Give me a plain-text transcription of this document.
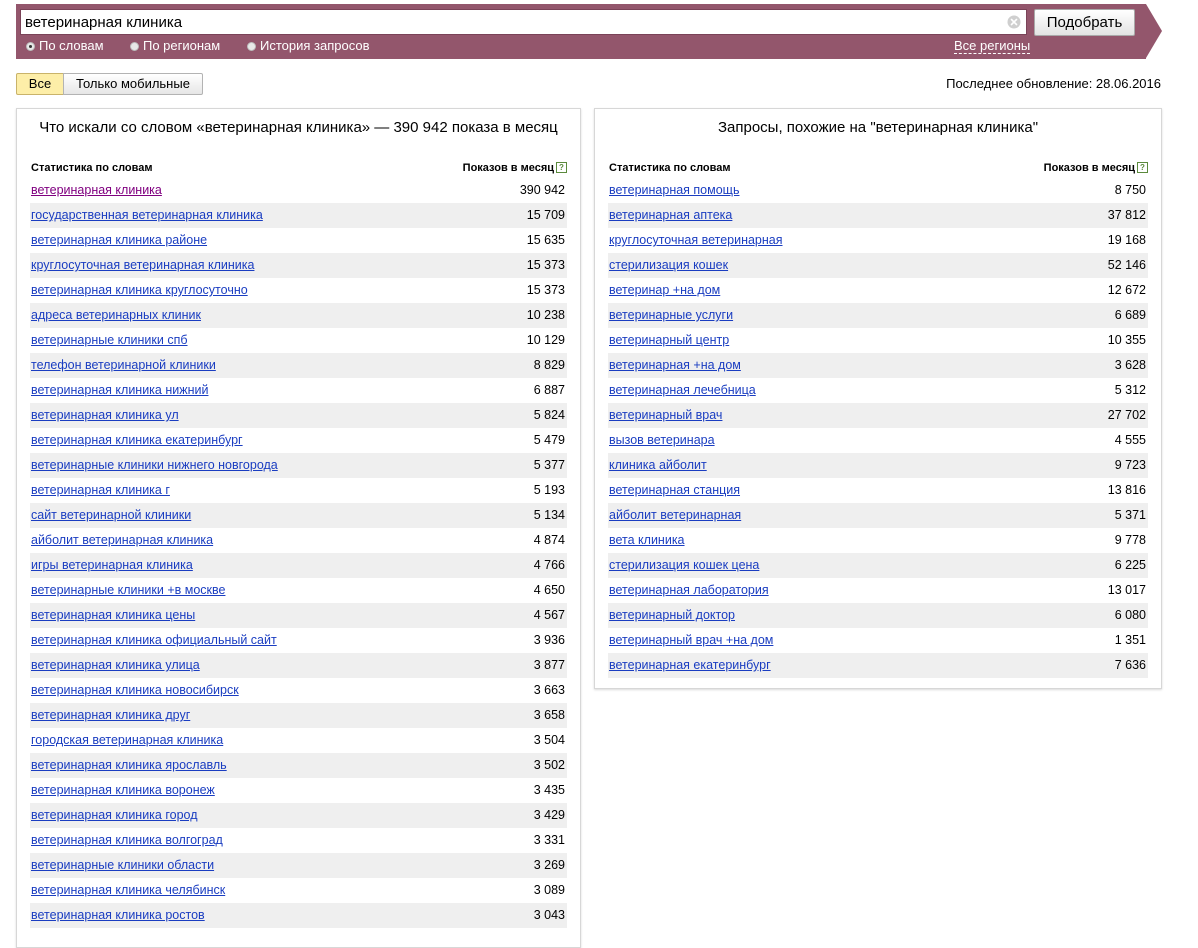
ветеринарная клиника
Подобрать
По словам	По регионам	История запросов	Все регионы
Все	Только мобильные	Последнее обновление: 28.06.2016
Что искали со словом «ветеринарная клиника» — 390 942 показа в месяц
Статистика по словам	Показов в месяц ?
ветеринарная клиника	390 942
государственная ветеринарная клиника	15 709
ветеринарная клиника районе	15 635
круглосуточная ветеринарная клиника	15 373
ветеринарная клиника круглосуточно	15 373
адреса ветеринарных клиник	10 238
ветеринарные клиники спб	10 129
телефон ветеринарной клиники	8 829
ветеринарная клиника нижний	6 887
ветеринарная клиника ул	5 824
ветеринарная клиника екатеринбург	5 479
ветеринарные клиники нижнего новгорода	5 377
ветеринарная клиника г	5 193
сайт ветеринарной клиники	5 134
айболит ветеринарная клиника	4 874
игры ветеринарная клиника	4 766
ветеринарные клиники +в москве	4 650
ветеринарная клиника цены	4 567
ветеринарная клиника официальный сайт	3 936
ветеринарная клиника улица	3 877
ветеринарная клиника новосибирск	3 663
ветеринарная клиника друг	3 658
городская ветеринарная клиника	3 504
ветеринарная клиника ярославль	3 502
ветеринарная клиника воронеж	3 435
ветеринарная клиника город	3 429
ветеринарная клиника волгоград	3 331
ветеринарные клиники области	3 269
ветеринарная клиника челябинск	3 089
ветеринарная клиника ростов	3 043
Запросы, похожие на "ветеринарная клиника"
Статистика по словам	Показов в месяц ?
ветеринарная помощь	8 750
ветеринарная аптека	37 812
круглосуточная ветеринарная	19 168
стерилизация кошек	52 146
ветеринар +на дом	12 672
ветеринарные услуги	6 689
ветеринарный центр	10 355
ветеринарная +на дом	3 628
ветеринарная лечебница	5 312
ветеринарный врач	27 702
вызов ветеринара	4 555
клиника айболит	9 723
ветеринарная станция	13 816
айболит ветеринарная	5 371
вета клиника	9 778
стерилизация кошек цена	6 225
ветеринарная лаборатория	13 017
ветеринарный доктор	6 080
ветеринарный врач +на дом	1 351
ветеринарная екатеринбург	7 636
